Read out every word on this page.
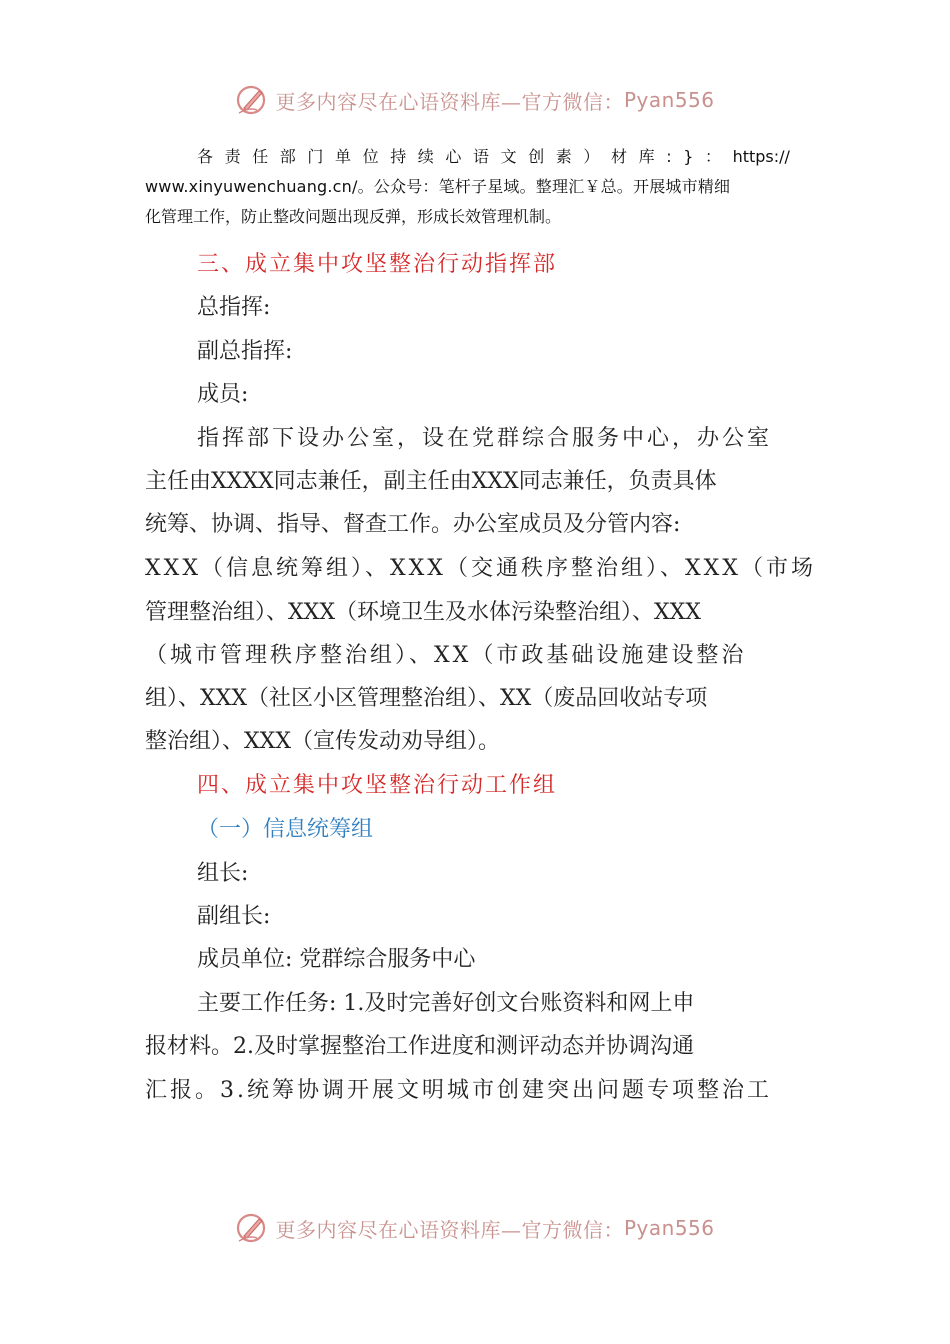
更多内容尽在心语资料库—官方微信： Pyan556

各责任部门单位持续心语文创素）材库:}：https://

www.xinyuwenchuang.cn/。公众号：笔杆子星域。整理汇￥总。开展城市精细

化管理工作，防止整改问题出现反弹，形成长效管理机制。

三、成立集中攻坚整治行动指挥部
总指挥:
副总指挥:
成员:
指挥部下设办公室，设在党群综合服务中心，办公室
主任由XXXX同志兼任，副主任由XXX同志兼任，负责具体
统筹、协调、指导、督查工作。办公室成员及分管内容:
XXX（信息统筹组）、XXX（交通秩序整治组）、XXX（市场
管理整治组）、XXX（环境卫生及水体污染整治组）、XXX
（城市管理秩序整治组）、XX（市政基础设施建设整治
组）、XXX（社区小区管理整治组）、XX（废品回收站专项
整治组）、XXX（宣传发动劝导组）。
四、成立集中攻坚整治行动工作组
（一）信息统筹组
组长:
副组长:
成员单位: 党群综合服务中心
主要工作任务: 1.及时完善好创文台账资料和网上申
报材料。2.及时掌握整治工作进度和测评动态并协调沟通
汇报。3.统筹协调开展文明城市创建突出问题专项整治工
更多内容尽在心语资料库—官方微信： Pyan556
